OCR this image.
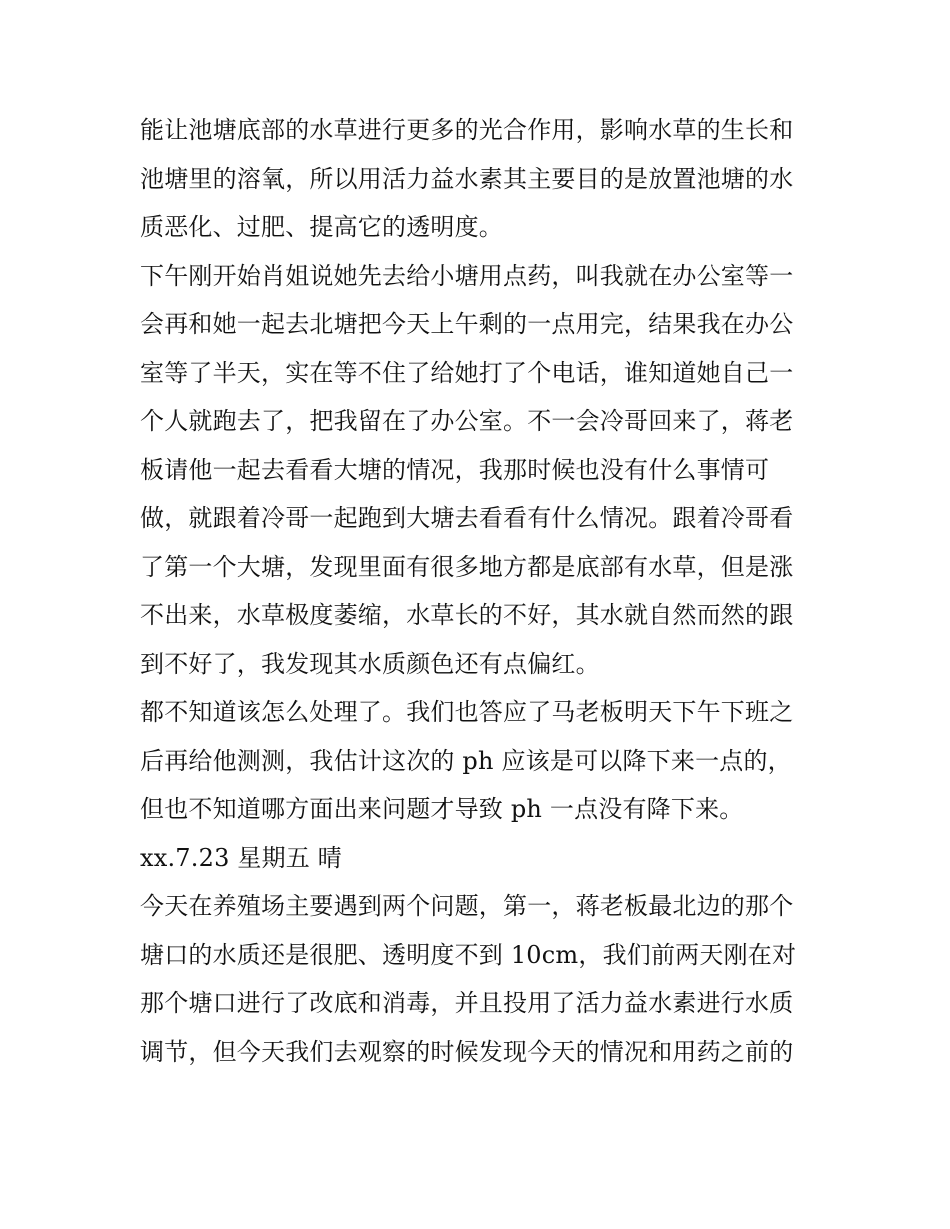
能让池塘底部的水草进行更多的光合作用，影响水草的生长和
池塘里的溶氧，所以用活力益水素其主要目的是放置池塘的水
质恶化、过肥、提高它的透明度。
下午刚开始肖姐说她先去给小塘用点药，叫我就在办公室等一
会再和她一起去北塘把今天上午剩的一点用完，结果我在办公
室等了半天，实在等不住了给她打了个电话，谁知道她自己一
个人就跑去了，把我留在了办公室。不一会冷哥回来了，蒋老
板请他一起去看看大塘的情况，我那时候也没有什么事情可
做，就跟着冷哥一起跑到大塘去看看有什么情况。跟着冷哥看
了第一个大塘，发现里面有很多地方都是底部有水草，但是涨
不出来，水草极度萎缩，水草长的不好，其水就自然而然的跟
到不好了，我发现其水质颜色还有点偏红。
都不知道该怎么处理了。我们也答应了马老板明天下午下班之
后再给他测测，我估计这次的 ph 应该是可以降下来一点的，
但也不知道哪方面出来问题才导致 ph 一点没有降下来。
xx.7.23 星期五 晴
今天在养殖场主要遇到两个问题，第一，蒋老板最北边的那个
塘口的水质还是很肥、透明度不到 10cm，我们前两天刚在对
那个塘口进行了改底和消毒，并且投用了活力益水素进行水质
调节，但今天我们去观察的时候发现今天的情况和用药之前的
